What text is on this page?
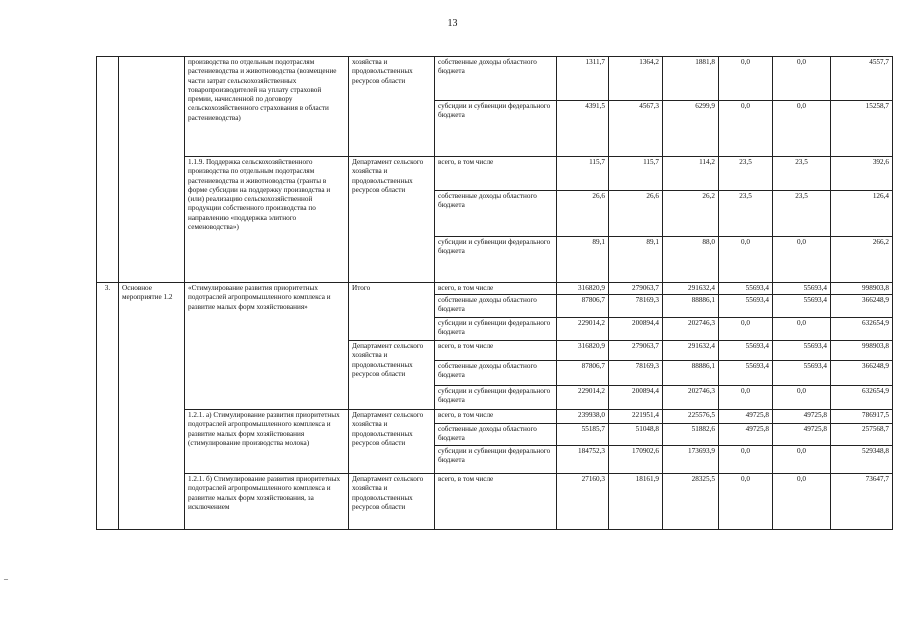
13
		производства по отдельным подотраслям растениеводства и животноводства (возмещение части затрат сельскохозяйственных товаропроизводителей на уплату страховой премии, начисленной по договору сельскохозяйственного страхования в области растениеводства)	хозяйства и продовольственных ресурсов области	собственные доходы областного бюджета	1311,7	1364,2	1881,8	0,0	0,0	4557,7
				субсидии и субвенции федерального бюджета	4391,5	4567,3	6299,9	0,0	0,0	15258,7
		1.1.9. Поддержка сельскохозяйственного производства по отдельным подотраслям растениеводства и животноводства (гранты в форме субсидии на поддержку производства и (или) реализацию сельскохозяйственной продукции собственного производства по направлению «поддержка элитного семеноводства»)	Департамент сельского хозяйства и продовольственных ресурсов области	всего, в том числе	115,7	115,7	114,2	23,5	23,5	392,6
				собственные доходы областного бюджета	26,6	26,6	26,2	23,5	23,5	126,4
				субсидии и субвенции федерального бюджета	89,1	89,1	88,0	0,0	0,0	266,2
3.	Основное мероприятие 1.2	«Стимулирование развития приоритетных подотраслей агропромышленного комплекса и развитие малых форм хозяйствования»	Итого	всего, в том числе	316820,9	279063,7	291632,4	55693,4	55693,4	998903,8
				собственные доходы областного бюджета	87806,7	78169,3	88886,1	55693,4	55693,4	366248,9
				субсидии и субвенции федерального бюджета	229014,2	200894,4	202746,3	0,0	0,0	632654,9
			Департамент сельского хозяйства и продовольственных ресурсов области	всего, в том числе	316820,9	279063,7	291632,4	55693,4	55693,4	998903,8
				собственные доходы областного бюджета	87806,7	78169,3	88886,1	55693,4	55693,4	366248,9
				субсидии и субвенции федерального бюджета	229014,2	200894,4	202746,3	0,0	0,0	632654,9
		1.2.1. а) Стимулирование развития приоритетных подотраслей агропромышленного комплекса и развитие малых форм хозяйствования (стимулирование производства молока)	Департамент сельского хозяйства и продовольственных ресурсов области	всего, в том числе	239938,0	221951,4	225576,5	49725,8	49725,8	786917,5
				собственные доходы областного бюджета	55185,7	51048,8	51882,6	49725,8	49725,8	257568,7
				субсидии и субвенции федерального бюджета	184752,3	170902,6	173693,9	0,0	0,0	529348,8
		1.2.1. б) Стимулирование развития приоритетных подотраслей агропромышленного комплекса и развитие малых форм хозяйствования, за исключением	Департамент сельского хозяйства и продовольственных ресурсов области	всего, в том числе	27160,3	18161,9	28325,5	0,0	0,0	73647,7
–
